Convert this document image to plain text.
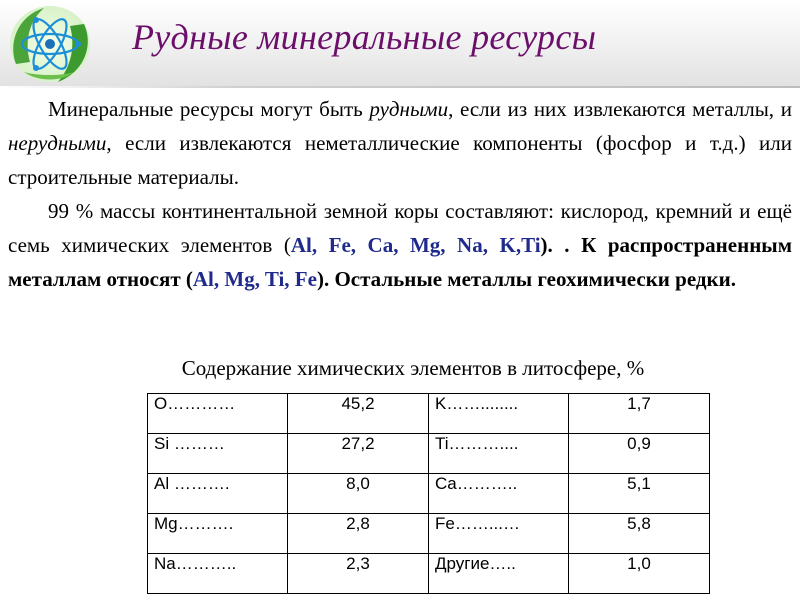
Рудные минеральные ресурсы

Минеральные ресурсы могут быть рудными, если из них извлекаются металлы, и нерудными, если извлекаются неметаллические компоненты (фосфор и т.д.) или строительные материалы.

99 % массы континентальной земной коры составляют: кислород, кремний и ещё семь химических элементов (Al, Fe, Ca, Mg, Na, K,Ti). . К распространенным металлам относят (Al, Mg, Ti, Fe). Остальные металлы геохимически редки.

Содержание химических элементов в литосфере, %
O…………	45,2	K……........	1,7
Si ………	27,2	Ti………....	0,9
Al ……….	8,0	Ca………..	5,1
Mg……….	2,8	Fe……...…	5,8
Na………..	2,3	Другие…..	1,0
